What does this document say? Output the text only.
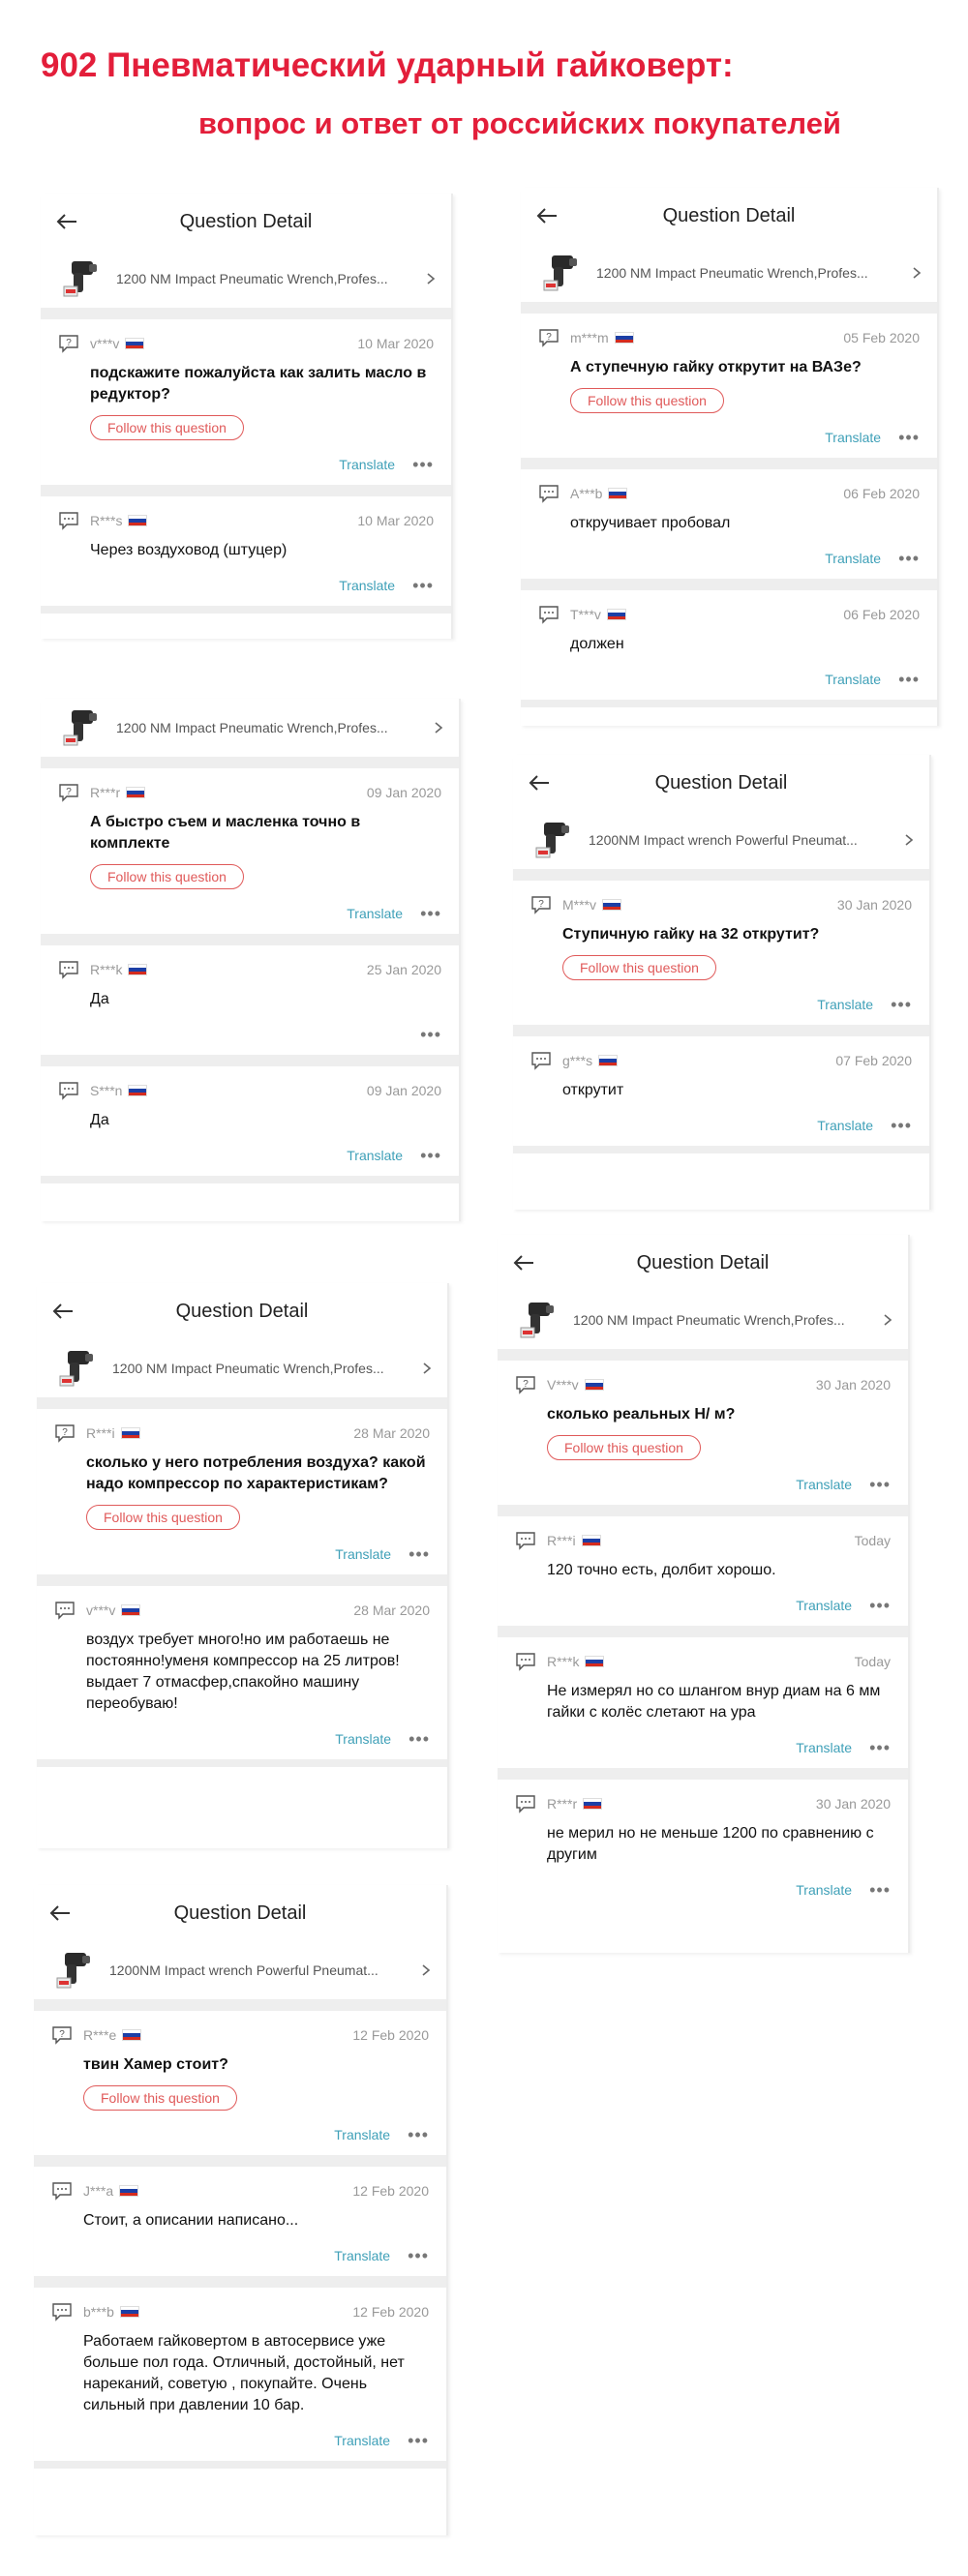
902 Пневматический ударный гайковерт:
вопрос и ответ от российских покупателей
Question Detail
1200 NM Impact Pneumatic Wrench,Profes...
? v***v	10 Mar 2020
подскажите пожалуйста как залить масло в редуктор?
Follow this question
Translate •••
R***s	10 Mar 2020
Через воздуховод (штуцер)
Translate •••
Question Detail
1200 NM Impact Pneumatic Wrench,Profes...
? m***m	05 Feb 2020
А ступечную гайку открутит на ВАЗе?
Follow this question
Translate •••
A***b	06 Feb 2020
откручивает пробовал
Translate •••
T***v	06 Feb 2020
должен
Translate •••
1200 NM Impact Pneumatic Wrench,Profes...
? R***r	09 Jan 2020
А быстро съем и масленка точно в комплекте
Follow this question
Translate •••
R***k	25 Jan 2020
Да
•••
S***n	09 Jan 2020
Да
Translate •••
Question Detail
1200NM Impact wrench Powerful Pneumat...
? M***v	30 Jan 2020
Ступичную гайку на 32 открутит?
Follow this question
Translate •••
g***s	07 Feb 2020
открутит
Translate •••
Question Detail
1200 NM Impact Pneumatic Wrench,Profes...
? R***i	28 Mar 2020
сколько у него потребления воздуха? какой надо компрессор по характеристикам?
Follow this question
Translate •••
v***v	28 Mar 2020
воздух требует много!но им работаешь не постоянно!уменя компрессор на 25 литров! выдает 7 отмасфер,спакойно машину переобуваю!
Translate •••
Question Detail
1200 NM Impact Pneumatic Wrench,Profes...
? V***v	30 Jan 2020
сколько реальных Н/ м?
Follow this question
Translate •••
R***i	Today
120 точно есть, долбит хорошо.
Translate •••
R***k	Today
Не измерял но со шлангом внур диам на 6 мм гайки с колёс слетают на ура
Translate •••
R***r	30 Jan 2020
не мерил но не меньше 1200 по сравнению с другим
Translate •••
Question Detail
1200NM Impact wrench Powerful Pneumat...
? R***e	12 Feb 2020
твин Хамер стоит?
Follow this question
Translate •••
J***a	12 Feb 2020
Стоит, а описании написано...
Translate •••
b***b	12 Feb 2020
Работаем гайковертом в автосервисе уже больше пол года. Отличный, достойный, нет нареканий, советую , покупайте. Очень сильный при давлении 10 бар.
Translate •••
